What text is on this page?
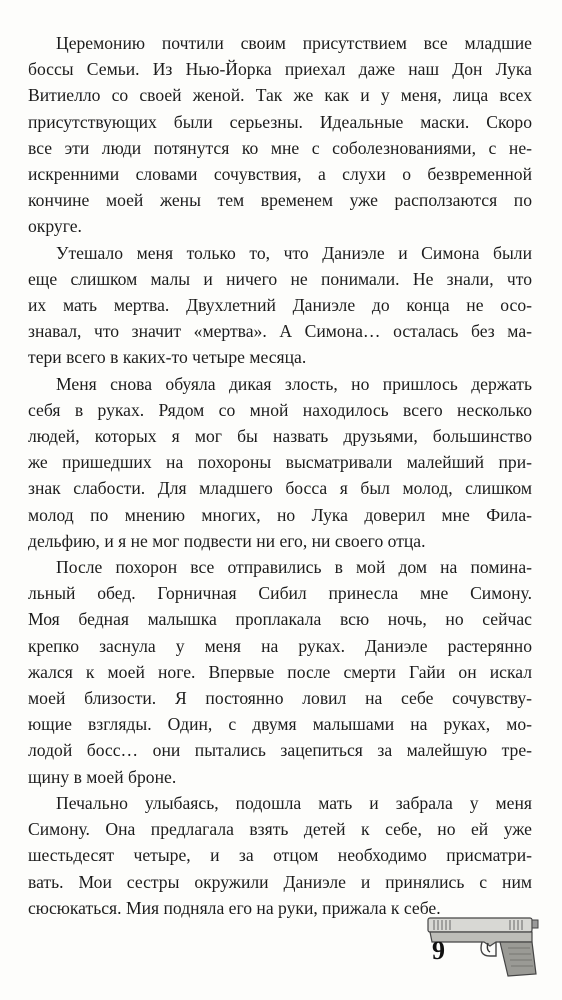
Церемонию почтили своим присутствием все младшие
боссы Семьи. Из Нью-Йорка приехал даже наш Дон Лука
Витиелло со своей женой. Так же как и у меня, лица всех
присутствующих были серьезны. Идеальные маски. Скоро
все эти люди потянутся ко мне с соболезнованиями, с не-
искренними словами сочувствия, а слухи о безвременной
кончине моей жены тем временем уже расползаются по
округе.
Утешало меня только то, что Даниэле и Симона были
еще слишком малы и ничего не понимали. Не знали, что
их мать мертва. Двухлетний Даниэле до конца не осо-
знавал, что значит «мертва». А Симона… осталась без ма-
тери всего в каких-то четыре месяца.
Меня снова обуяла дикая злость, но пришлось держать
себя в руках. Рядом со мной находилось всего несколько
людей, которых я мог бы назвать друзьями, большинство
же пришедших на похороны высматривали малейший при-
знак слабости. Для младшего босса я был молод, слишком
молод по мнению многих, но Лука доверил мне Фила-
дельфию, и я не мог подвести ни его, ни своего отца.
После похорон все отправились в мой дом на помина-
льный обед. Горничная Сибил принесла мне Симону.
Моя бедная малышка проплакала всю ночь, но сейчас
крепко заснула у меня на руках. Даниэле растерянно
жался к моей ноге. Впервые после смерти Гайи он искал
моей близости. Я постоянно ловил на себе сочувству-
ющие взгляды. Один, с двумя малышами на руках, мо-
лодой босс… они пытались зацепиться за малейшую тре-
щину в моей броне.
Печально улыбаясь, подошла мать и забрала у меня
Симону. Она предлагала взять детей к себе, но ей уже
шестьдесят четыре, и за отцом необходимо присматри-
вать. Мои сестры окружили Даниэле и принялись с ним
сюсюкаться. Мия подняла его на руки, прижала к себе.
9
